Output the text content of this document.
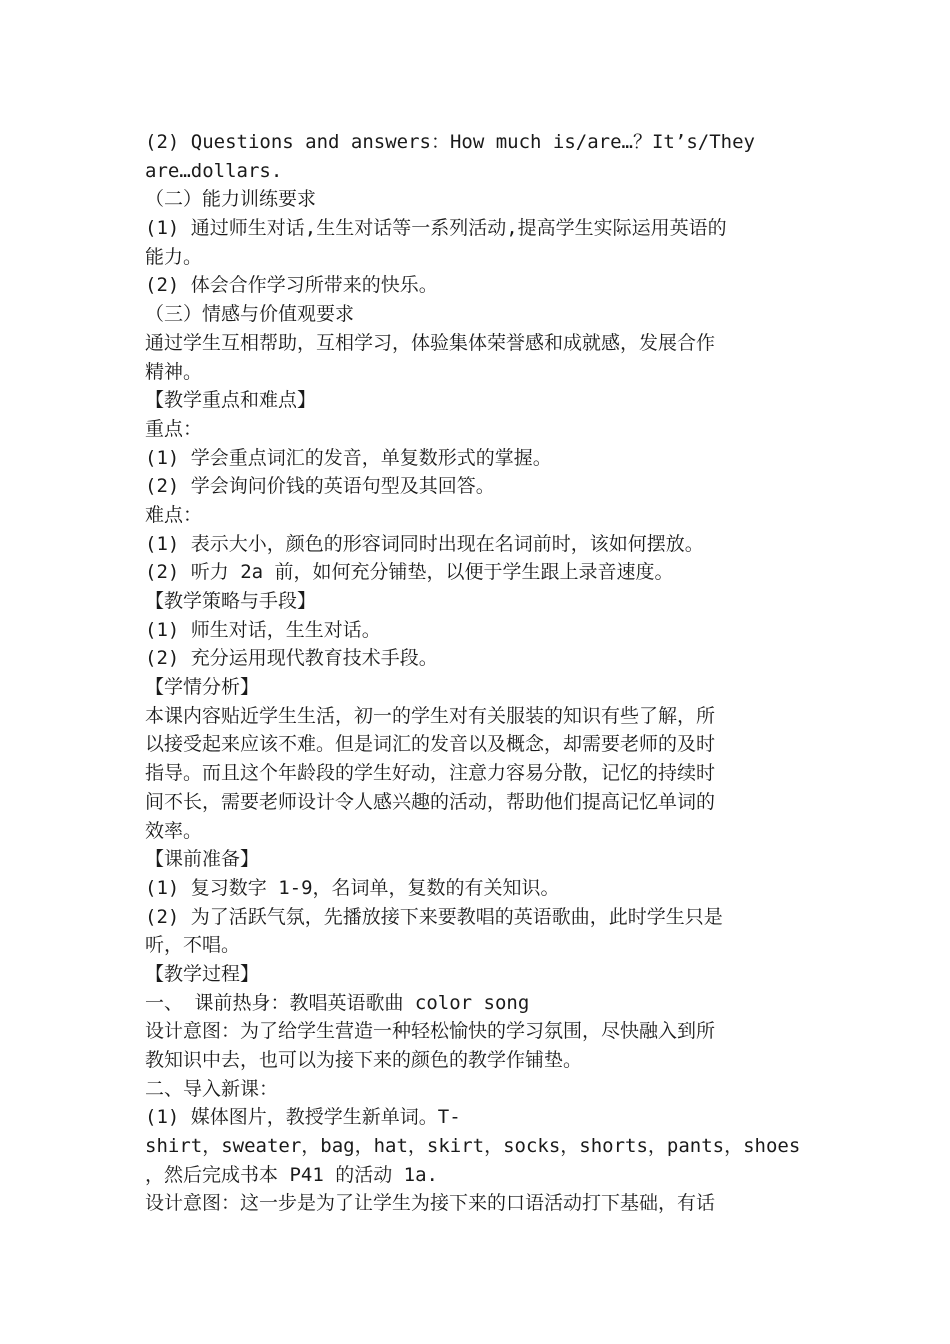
(2) Questions and answers：How much is/are…？It’s/They
are…dollars.
（二）能力训练要求
(1) 通过师生对话,生生对话等一系列活动,提高学生实际运用英语的
能力。
(2) 体会合作学习所带来的快乐。
（三）情感与价值观要求
通过学生互相帮助，互相学习，体验集体荣誉感和成就感，发展合作
精神。
【教学重点和难点】
重点：
(1) 学会重点词汇的发音，单复数形式的掌握。
(2) 学会询问价钱的英语句型及其回答。
难点：
(1) 表示大小，颜色的形容词同时出现在名词前时，该如何摆放。
(2) 听力 2a 前，如何充分铺垫，以便于学生跟上录音速度。
【教学策略与手段】
(1) 师生对话，生生对话。
(2) 充分运用现代教育技术手段。
【学情分析】
本课内容贴近学生生活，初一的学生对有关服装的知识有些了解，所
以接受起来应该不难。但是词汇的发音以及概念，却需要老师的及时
指导。而且这个年龄段的学生好动，注意力容易分散，记忆的持续时
间不长，需要老师设计令人感兴趣的活动，帮助他们提高记忆单词的
效率。
【课前准备】
(1) 复习数字 1-9，名词单，复数的有关知识。
(2) 为了活跃气氛，先播放接下来要教唱的英语歌曲，此时学生只是
听，不唱。
【教学过程】
一、 课前热身：教唱英语歌曲 color song
设计意图：为了给学生营造一种轻松愉快的学习氛围，尽快融入到所
教知识中去，也可以为接下来的颜色的教学作铺垫。
二、导入新课：
(1) 媒体图片，教授学生新单词。T-
shirt，sweater，bag，hat，skirt，socks，shorts，pants，shoes
，然后完成书本 P41 的活动 1a.
设计意图：这一步是为了让学生为接下来的口语活动打下基础，有话
